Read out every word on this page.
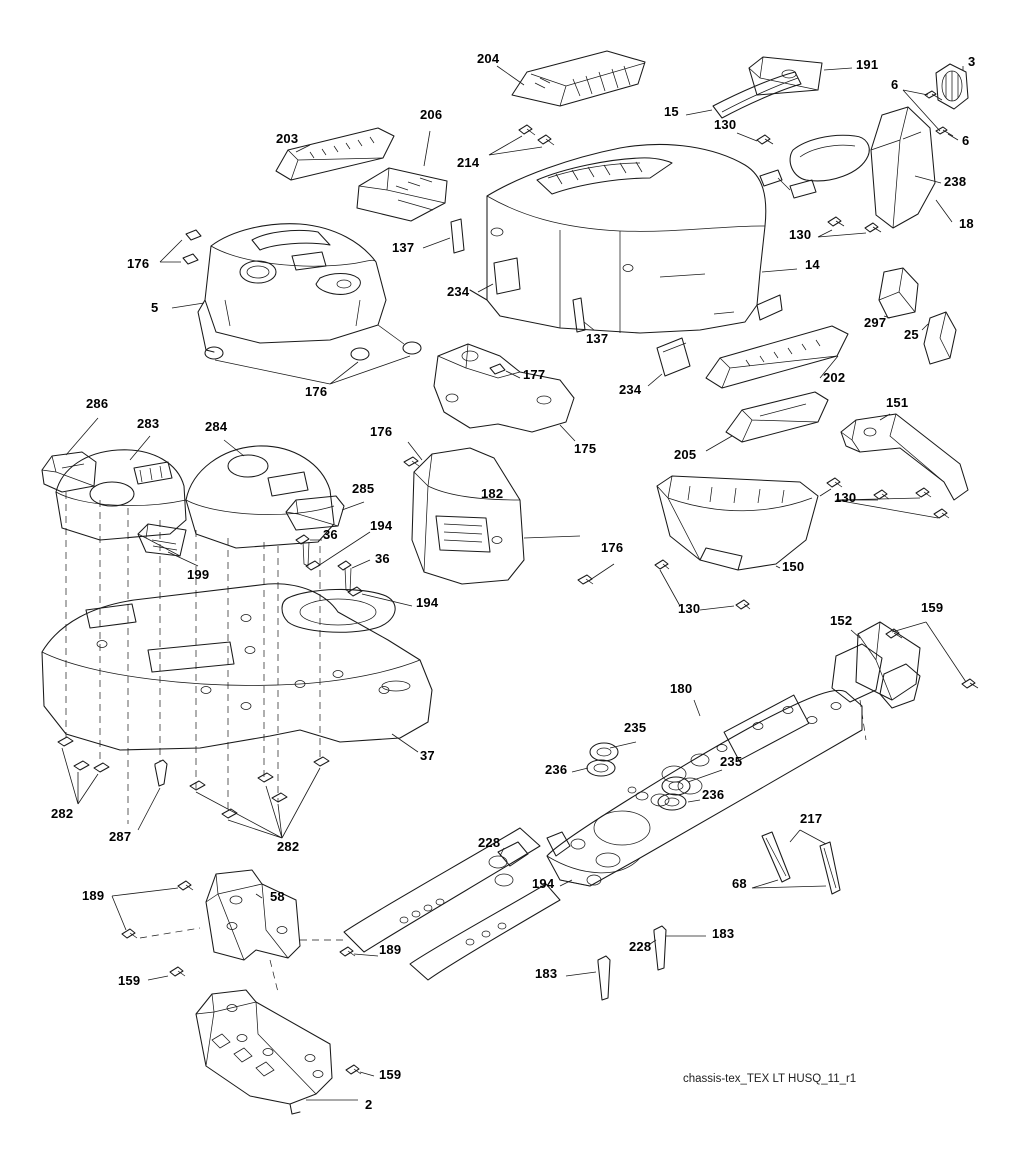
204	191	3
6
15
130
6
206
203
214
238
130
18
137
176	14
234
5
297
25
137
202
177
234
176
151
286
283	284
175
176
205
130
285	182
194
36
36
176
150
199
194	130	159
152
180
235
235
236
236
37
282
287
282	228
217
194	68
189	58
228
183
189
183
159
159
2
chassis-tex_TEX LT HUSQ_11_r1
